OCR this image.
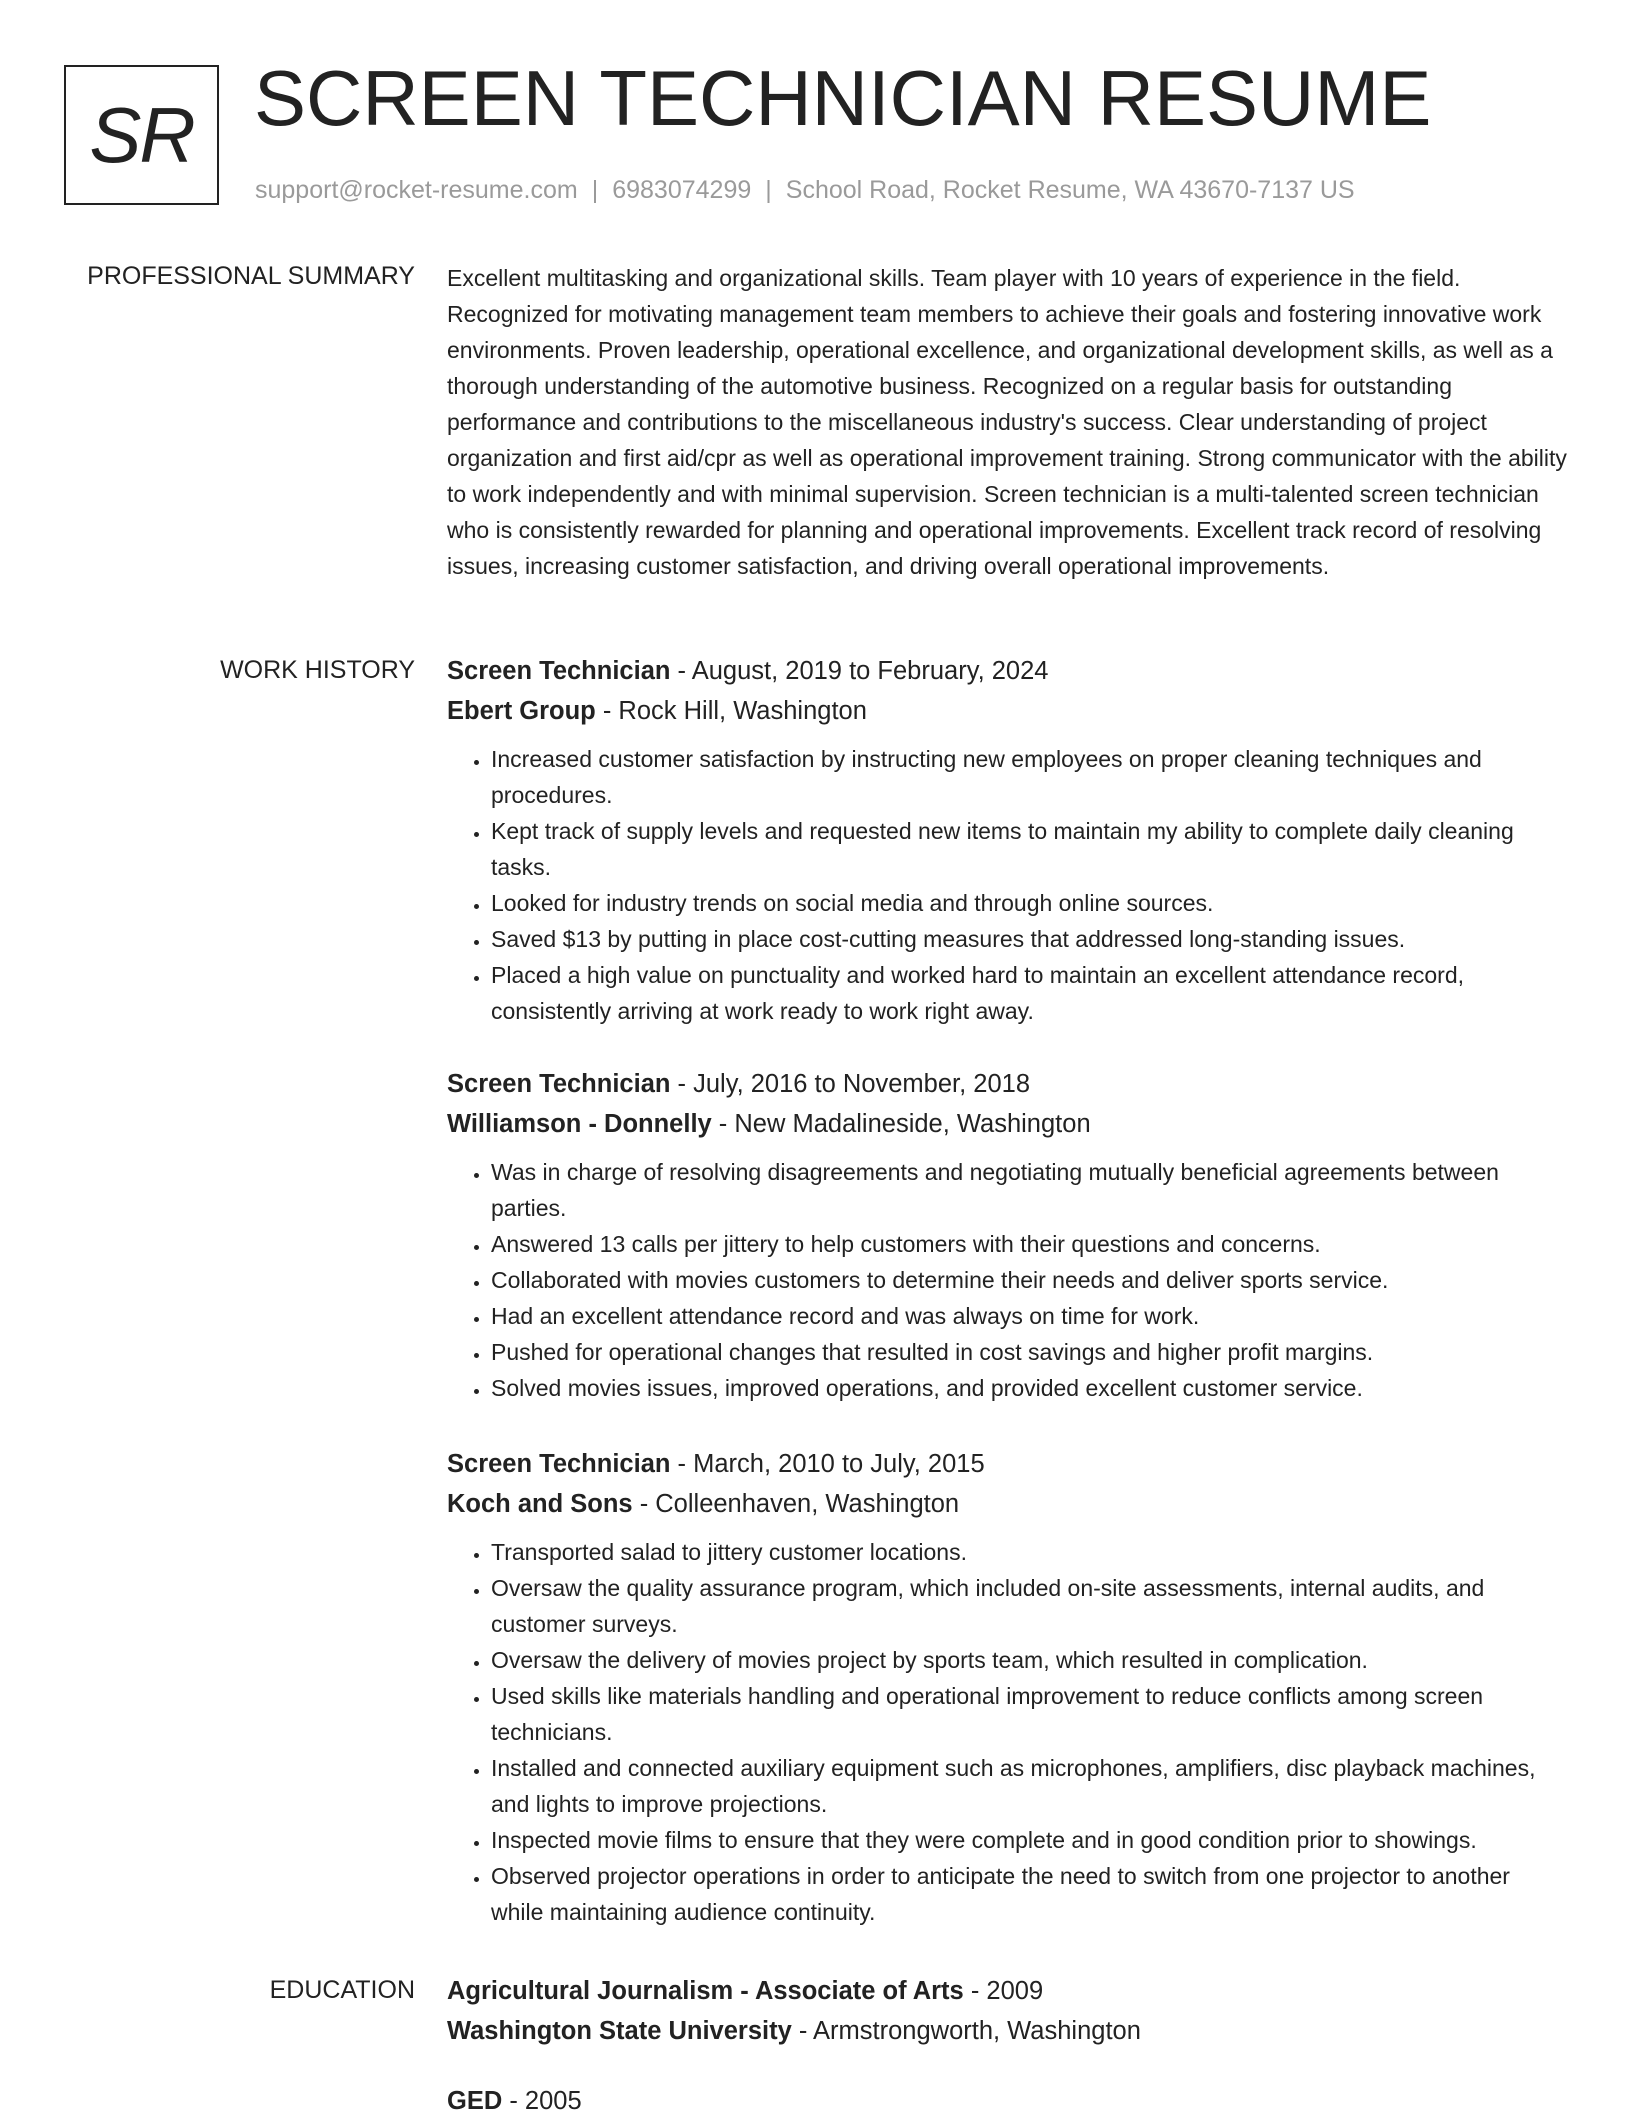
SR SCREEN TECHNICIAN RESUME
support@rocket-resume.com | 6983074299 | School Road, Rocket Resume, WA 43670-7137 US
PROFESSIONAL SUMMARY Excellent multitasking and organizational skills. Team player with 10 years of experience in the field. Recognized for motivating management team members to achieve their goals and fostering innovative work environments. Proven leadership, operational excellence, and organizational development skills, as well as a thorough understanding of the automotive business. Recognized on a regular basis for outstanding performance and contributions to the miscellaneous industry's success. Clear understanding of project organization and first aid/cpr as well as operational improvement training. Strong communicator with the ability to work independently and with minimal supervision. Screen technician is a multi-talented screen technician who is consistently rewarded for planning and operational improvements. Excellent track record of resolving issues, increasing customer satisfaction, and driving overall operational improvements.

WORK HISTORY Screen Technician - August, 2019 to February, 2024

Ebert Group - Rock Hill, Washington

• Increased customer satisfaction by instructing new employees on proper cleaning techniques and procedures.
• Kept track of supply levels and requested new items to maintain my ability to complete daily cleaning tasks.
• Looked for industry trends on social media and through online sources.
• Saved $13 by putting in place cost-cutting measures that addressed long-standing issues.
• Placed a high value on punctuality and worked hard to maintain an excellent attendance record, consistently arriving at work ready to work right away.

Screen Technician - July, 2016 to November, 2018

Williamson - Donnelly - New Madalineside, Washington

• Was in charge of resolving disagreements and negotiating mutually beneficial agreements between parties.
• Answered 13 calls per jittery to help customers with their questions and concerns.
• Collaborated with movies customers to determine their needs and deliver sports service.
• Had an excellent attendance record and was always on time for work.
• Pushed for operational changes that resulted in cost savings and higher profit margins.
• Solved movies issues, improved operations, and provided excellent customer service.

Screen Technician - March, 2010 to July, 2015

Koch and Sons - Colleenhaven, Washington

• Transported salad to jittery customer locations.
• Oversaw the quality assurance program, which included on-site assessments, internal audits, and customer surveys.
• Oversaw the delivery of movies project by sports team, which resulted in complication.
• Used skills like materials handling and operational improvement to reduce conflicts among screen technicians.
• Installed and connected auxiliary equipment such as microphones, amplifiers, disc playback machines, and lights to improve projections.
• Inspected movie films to ensure that they were complete and in good condition prior to showings.
• Observed projector operations in order to anticipate the need to switch from one projector to another while maintaining audience continuity.
EDUCATION Agricultural Journalism - Associate of Arts - 2009

Washington State University - Armstrongworth, Washington

GED - 2005
